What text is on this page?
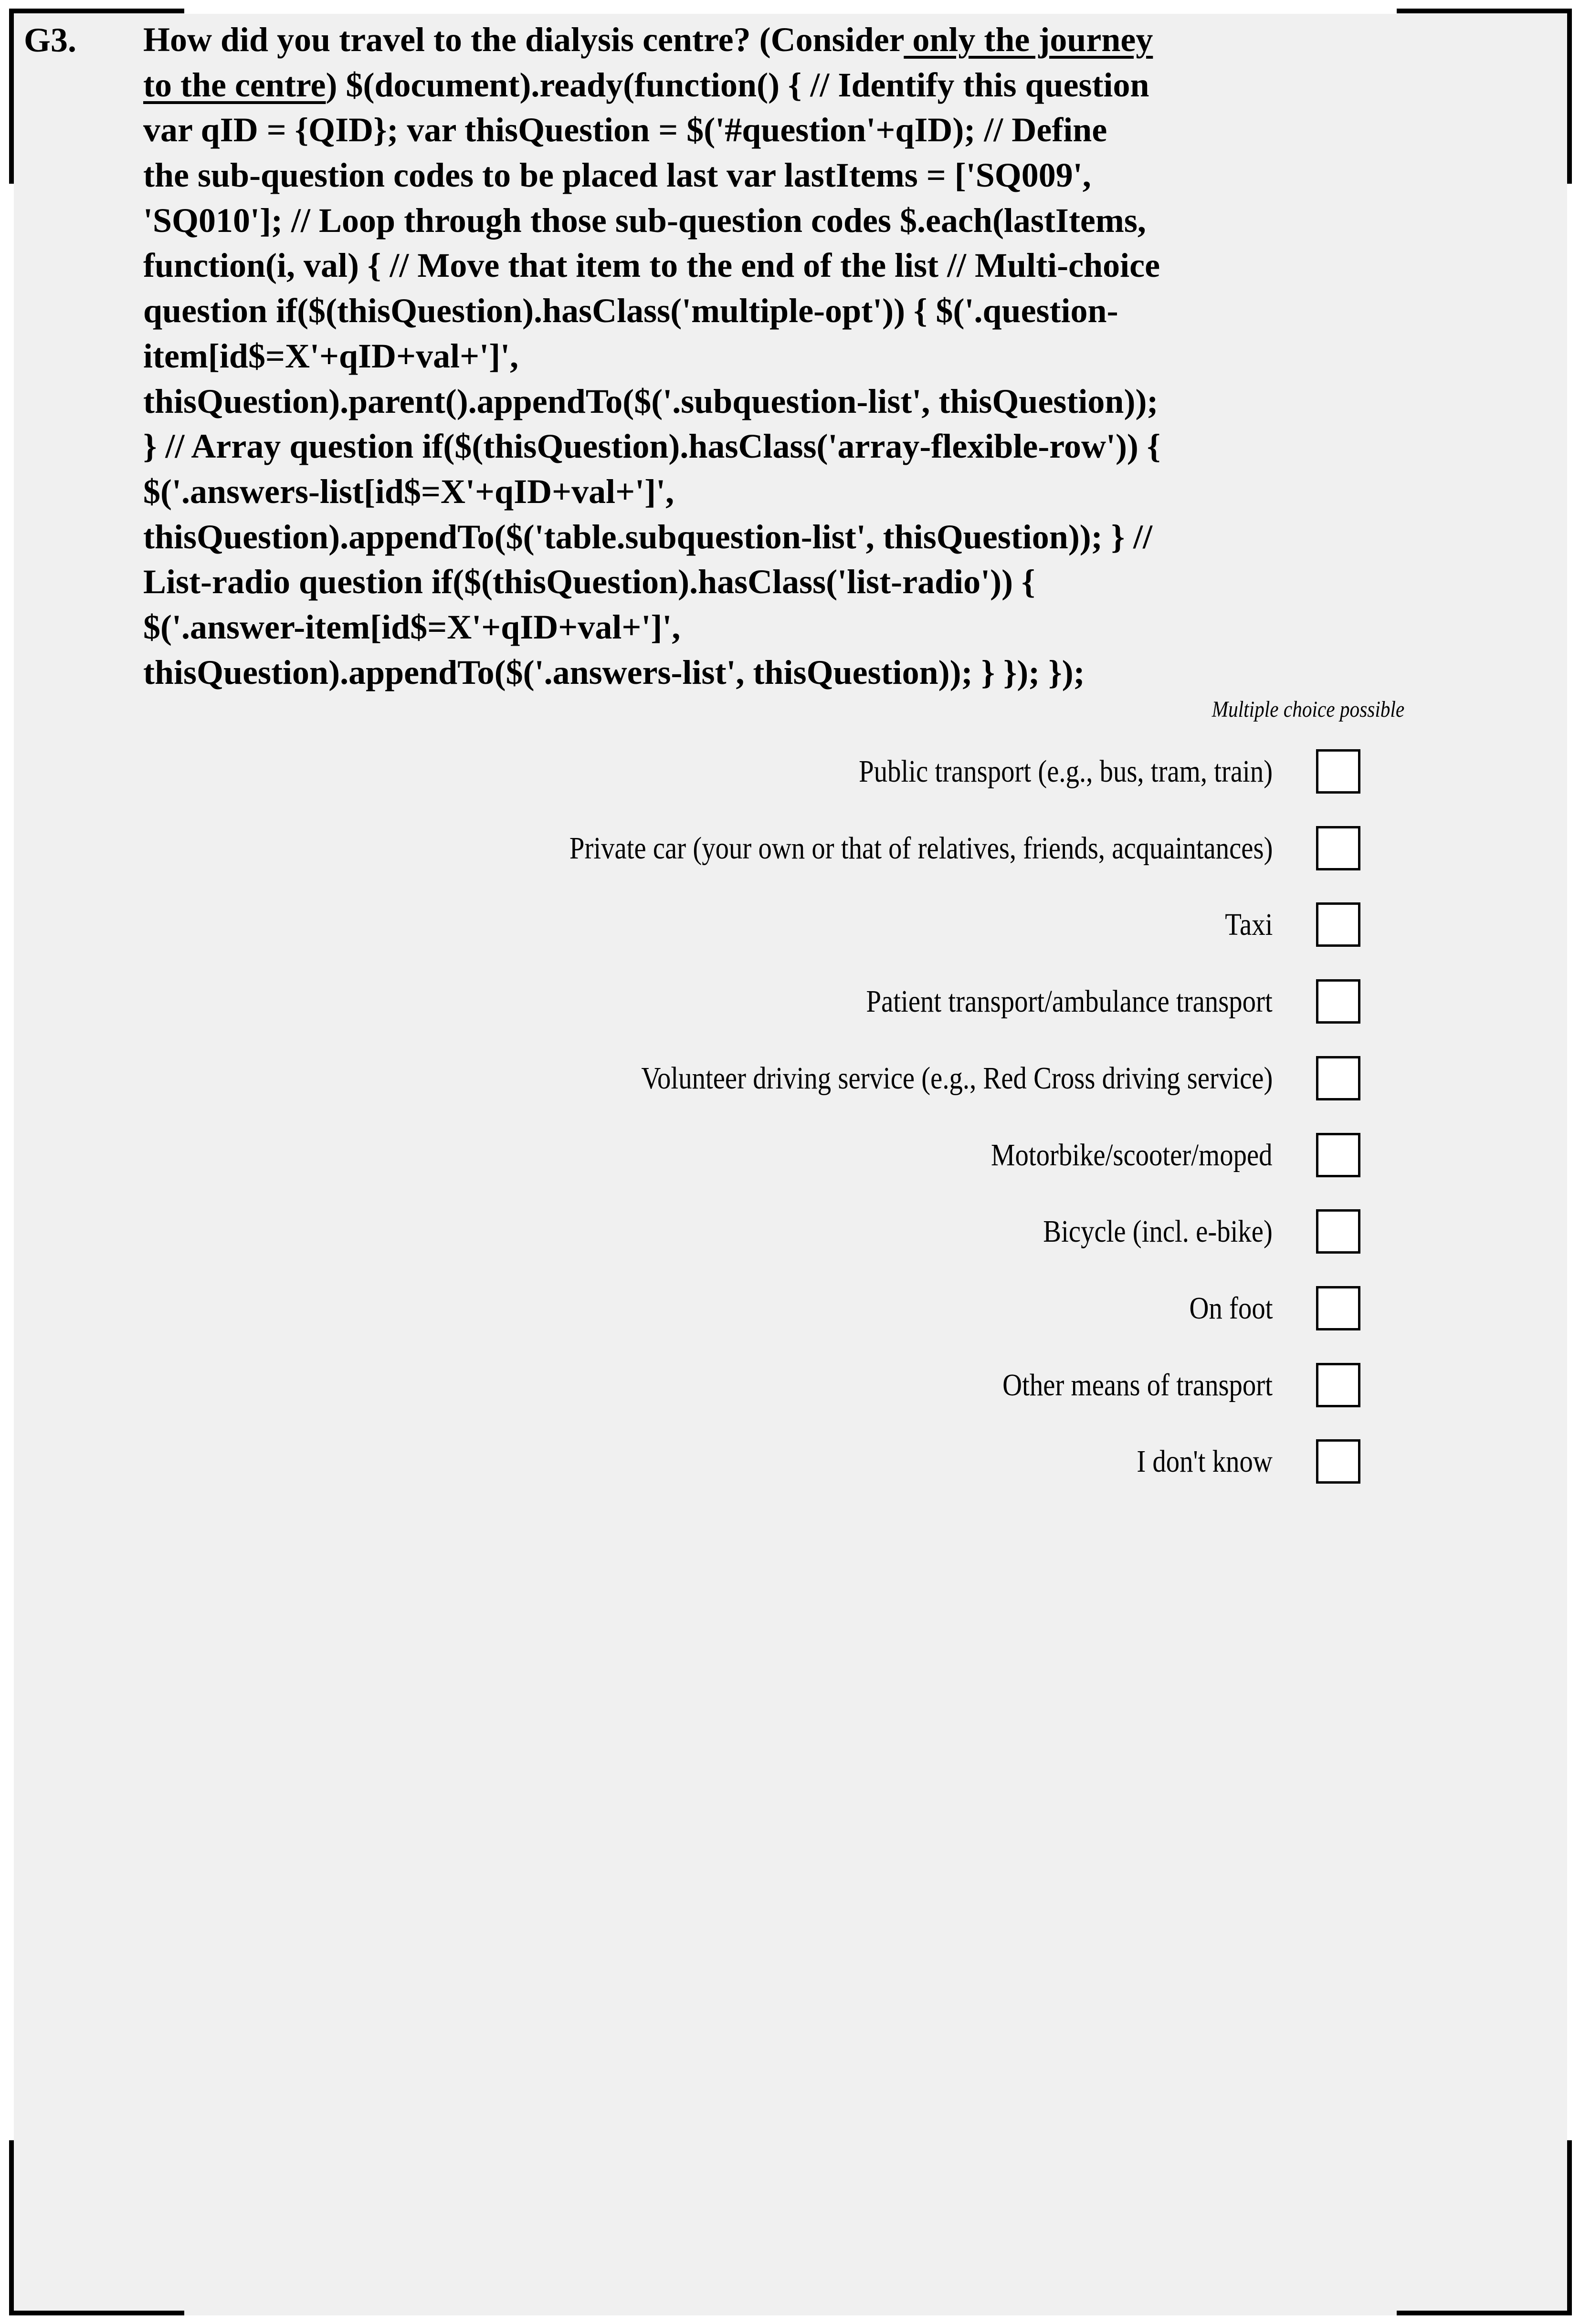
G3. How did you travel to the dialysis centre? (Consider only the journey
to the centre) $(document).ready(function() { // Identify this question
var qID = {QID}; var thisQuestion = $('#question'+qID); // Define
the sub-question codes to be placed last var lastItems = ['SQ009',
'SQ010']; // Loop through those sub-question codes $.each(lastItems,
function(i, val) { // Move that item to the end of the list // Multi-choice
question if($(thisQuestion).hasClass('multiple-opt')) { $('.question-
item[id$=X'+qID+val+']',
thisQuestion).parent().appendTo($('.subquestion-list', thisQuestion));
} // Array question if($(thisQuestion).hasClass('array-flexible-row')) {
$('.answers-list[id$=X'+qID+val+']',
thisQuestion).appendTo($('table.subquestion-list', thisQuestion)); } //
List-radio question if($(thisQuestion).hasClass('list-radio')) {
$('.answer-item[id$=X'+qID+val+']',
thisQuestion).appendTo($('.answers-list', thisQuestion)); } }); });
Multiple choice possible
Public transport (e.g., bus, tram, train)
Private car (your own or that of relatives, friends, acquaintances)
Taxi
Patient transport/ambulance transport
Volunteer driving service (e.g., Red Cross driving service)
Motorbike/scooter/moped
Bicycle (incl. e-bike)
On foot
Other means of transport
I don't know
